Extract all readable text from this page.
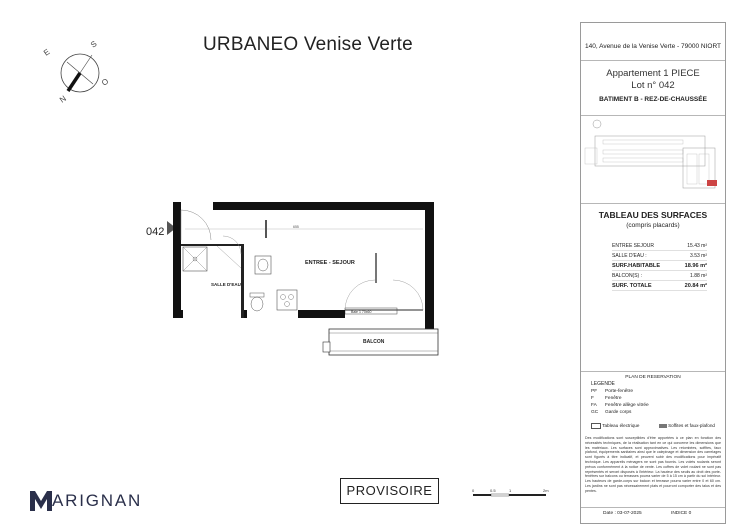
URBANEO Venise Verte
S
E
O
N
042	655
Baie 1 70x60
ENTREE - SEJOUR
SALLE D'EAU
BALCON
PROVISOIRE	0	0.5	1	2m
ARIGNAN
140, Avenue de la Venise Verte - 79000 NIORT
Appartement 1 PIECE
Lot n° 042
BATIMENT B - REZ-DE-CHAUSSÉE
TABLEAU DES SURFACES
(compris placards)
ENTREE SEJOUR	15.43 m²
SALLE D'EAU :	3.53 m²
SURF.HABITABLE	18.96 m²
BALCON(S) :	1.88 m²
SURF. TOTALE	20.84 m²
PLAN DE RESERVATION
LEGENDE
PF Porte-fenêtre
F Fenêtre
FA Fenêtre allège vitrée
GC Garde corps
Tableau électrique	Soffites et faux-plafond
Des modifications sont susceptibles d'être apportées à ce plan en fonction des nécessités techniques, de la réalisation tant en ce qui concerne les dimensions que les matériaux. Les surfaces sont approximatives. Les retombées, soffites, faux plafond, équipements sanitaires ainsi que le calepinage et dimension des carrelages sont figurés à titre indicatif, et peuvent subir des modifications pour impératif technique. Les appareils ménagers ne sont pas fournis. Les volets roulants seront prévus conformément à la notice de vente. Les coffres de volet roulant ne sont pas représentés et seront disposés à l'intérieur. La hauteur des seuils au droit des porte-fenêtres sur balcons ou terrasses pourra varier de 5 à 15 cm à partir du sol intérieur. Les hauteurs de garde-corps sur balcon et terrasse pourra varier entre 0 et 60 cm. Les jardins ne sont pas nécessairement plats et pourront comporter des talus et des pentes.
Date : 03-07-2025	INDICE 0
